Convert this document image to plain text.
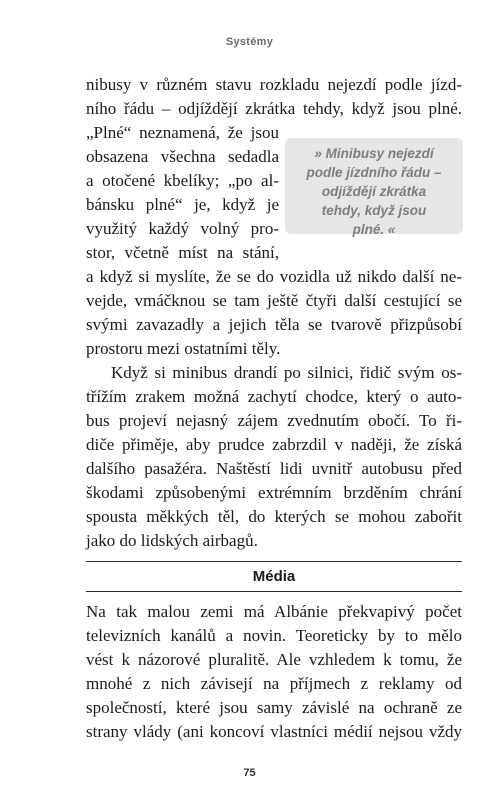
Systémy
nibusy v různém stavu rozkladu nejezdí podle jízd-
ního řádu – odjíždějí zkrátka tehdy, když jsou plné.
„Plné“ neznamená, že jsou
obsazena všechna sedadla
a otočené kbelíky; „po al-
bánsku plné“ je, když je
využitý každý volný pro-
stor, včetně míst na stání,
a když si myslíte, že se do vozidla už nikdo další ne-
vejde, vmáčknou se tam ještě čtyři další cestující se
svými zavazadly a jejich těla se tvarově přizpůsobí
prostoru mezi ostatními těly.
» Minibusy nejezdí
podle jízdního řádu –
odjíždějí zkrátka
tehdy, když jsou
plné. «
Když si minibus drandí po silnici, řidič svým os-
třížím zrakem možná zachytí chodce, který o auto-
bus projeví nejasný zájem zvednutím obočí. To ři-
diče přiměje, aby prudce zabrzdil v naději, že získá
dalšího pasažéra. Naštěstí lidi uvnitř autobusu před
škodami způsobenými extrémním brzděním chrání
spousta měkkých těl, do kterých se mohou zabořit
jako do lidských airbagů.
Média
Na tak malou zemi má Albánie překvapivý počet
televizních kanálů a novin. Teoreticky by to mělo
vést k názorové pluralitě. Ale vzhledem k tomu, že
mnohé z nich závisejí na příjmech z reklamy od
společností, které jsou samy závislé na ochraně ze
strany vlády (ani koncoví vlastníci médií nejsou vždy
75
